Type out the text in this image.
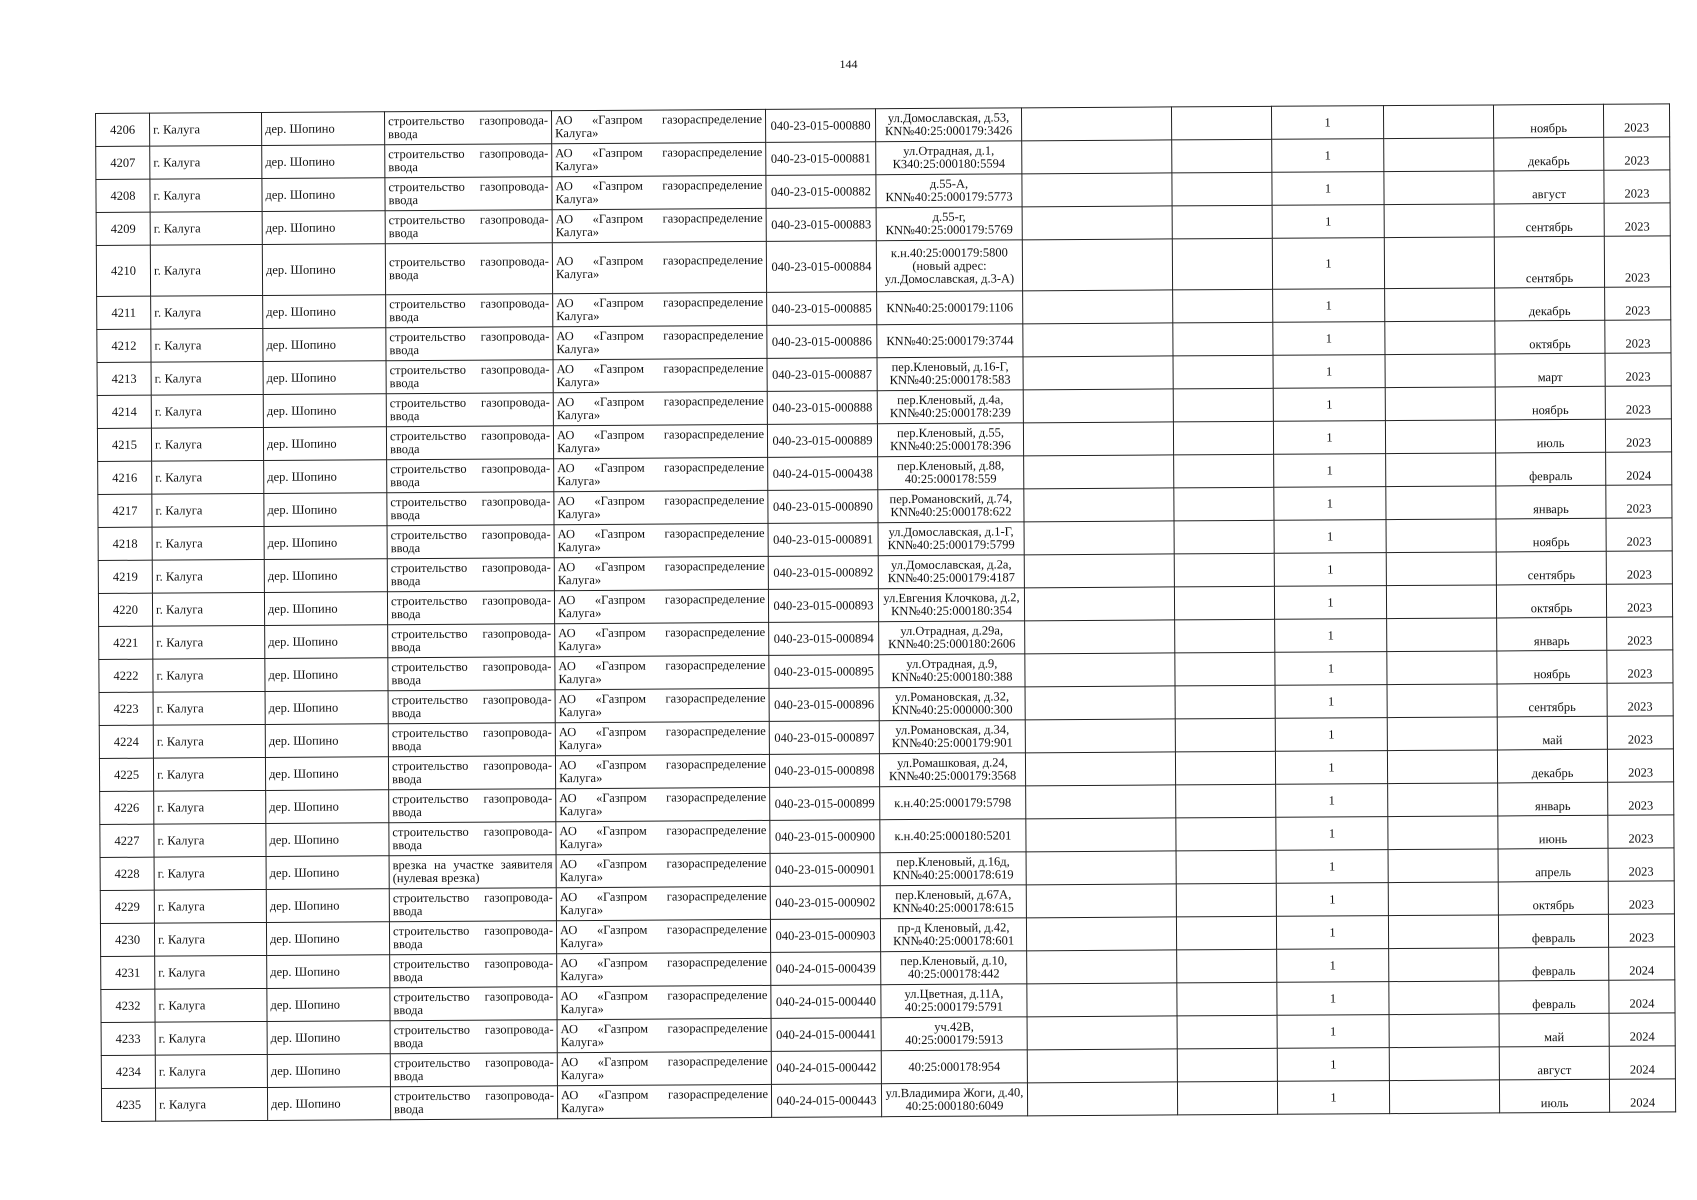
144
4206	г. Калуга	дер. Шопино	строительство газопровода-ввода	АО «Газпром газораспределение Калуга»	040-23-015-000880	ул.Домославская, д.53, КN№40:25:000179:3426			1		ноябрь	2023
4207	г. Калуга	дер. Шопино	строительство газопровода-ввода	АО «Газпром газораспределение Калуга»	040-23-015-000881	ул.Отрадная, д.1, К340:25:000180:5594			1		декабрь	2023
4208	г. Калуга	дер. Шопино	строительство газопровода-ввода	АО «Газпром газораспределение Калуга»	040-23-015-000882	д.55-А, КN№40:25:000179:5773			1		август	2023
4209	г. Калуга	дер. Шопино	строительство газопровода-ввода	АО «Газпром газораспределение Калуга»	040-23-015-000883	д.55-г, КN№40:25:000179:5769			1		сентябрь	2023
4210	г. Калуга	дер. Шопино	строительство газопровода-ввода	АО «Газпром газораспределение Калуга»	040-23-015-000884	к.н.40:25:000179:5800 (новый адрес: ул.Домославская, д.3-А)			1		сентябрь	2023
4211	г. Калуга	дер. Шопино	строительство газопровода-ввода	АО «Газпром газораспределение Калуга»	040-23-015-000885	КN№40:25:000179:1106			1		декабрь	2023
4212	г. Калуга	дер. Шопино	строительство газопровода-ввода	АО «Газпром газораспределение Калуга»	040-23-015-000886	КN№40:25:000179:3744			1		октябрь	2023
4213	г. Калуга	дер. Шопино	строительство газопровода-ввода	АО «Газпром газораспределение Калуга»	040-23-015-000887	пер.Кленовый, д.16-Г, КN№40:25:000178:583			1		март	2023
4214	г. Калуга	дер. Шопино	строительство газопровода-ввода	АО «Газпром газораспределение Калуга»	040-23-015-000888	пер.Кленовый, д.4а, КN№40:25:000178:239			1		ноябрь	2023
4215	г. Калуга	дер. Шопино	строительство газопровода-ввода	АО «Газпром газораспределение Калуга»	040-23-015-000889	пер.Кленовый, д.55, КN№40:25:000178:396			1		июль	2023
4216	г. Калуга	дер. Шопино	строительство газопровода-ввода	АО «Газпром газораспределение Калуга»	040-24-015-000438	пер.Кленовый, д.88, 40:25:000178:559			1		февраль	2024
4217	г. Калуга	дер. Шопино	строительство газопровода-ввода	АО «Газпром газораспределение Калуга»	040-23-015-000890	пер.Романовский, д.74, КN№40:25:000178:622			1		январь	2023
4218	г. Калуга	дер. Шопино	строительство газопровода-ввода	АО «Газпром газораспределение Калуга»	040-23-015-000891	ул.Домославская, д.1-Г, КN№40:25:000179:5799			1		ноябрь	2023
4219	г. Калуга	дер. Шопино	строительство газопровода-ввода	АО «Газпром газораспределение Калуга»	040-23-015-000892	ул.Домославская, д.2а, КN№40:25:000179:4187			1		сентябрь	2023
4220	г. Калуга	дер. Шопино	строительство газопровода-ввода	АО «Газпром газораспределение Калуга»	040-23-015-000893	ул.Евгения Клочкова, д.2, КN№40:25:000180:354			1		октябрь	2023
4221	г. Калуга	дер. Шопино	строительство газопровода-ввода	АО «Газпром газораспределение Калуга»	040-23-015-000894	ул.Отрадная, д.29а, КN№40:25:000180:2606			1		январь	2023
4222	г. Калуга	дер. Шопино	строительство газопровода-ввода	АО «Газпром газораспределение Калуга»	040-23-015-000895	ул.Отрадная, д.9, КN№40:25:000180:388			1		ноябрь	2023
4223	г. Калуга	дер. Шопино	строительство газопровода-ввода	АО «Газпром газораспределение Калуга»	040-23-015-000896	ул.Романовская, д.32, КN№40:25:000000:300			1		сентябрь	2023
4224	г. Калуга	дер. Шопино	строительство газопровода-ввода	АО «Газпром газораспределение Калуга»	040-23-015-000897	ул.Романовская, д.34, КN№40:25:000179:901			1		май	2023
4225	г. Калуга	дер. Шопино	строительство газопровода-ввода	АО «Газпром газораспределение Калуга»	040-23-015-000898	ул.Ромашковая, д.24, КN№40:25:000179:3568			1		декабрь	2023
4226	г. Калуга	дер. Шопино	строительство газопровода-ввода	АО «Газпром газораспределение Калуга»	040-23-015-000899	к.н.40:25:000179:5798			1		январь	2023
4227	г. Калуга	дер. Шопино	строительство газопровода-ввода	АО «Газпром газораспределение Калуга»	040-23-015-000900	к.н.40:25:000180:5201			1		июнь	2023
4228	г. Калуга	дер. Шопино	врезка на участке заявителя (нулевая врезка)	АО «Газпром газораспределение Калуга»	040-23-015-000901	пер.Кленовый, д.16д, КN№40:25:000178:619			1		апрель	2023
4229	г. Калуга	дер. Шопино	строительство газопровода-ввода	АО «Газпром газораспределение Калуга»	040-23-015-000902	пер.Кленовый, д.67А, КN№40:25:000178:615			1		октябрь	2023
4230	г. Калуга	дер. Шопино	строительство газопровода-ввода	АО «Газпром газораспределение Калуга»	040-23-015-000903	пр-д Кленовый, д.42, КN№40:25:000178:601			1		февраль	2023
4231	г. Калуга	дер. Шопино	строительство газопровода-ввода	АО «Газпром газораспределение Калуга»	040-24-015-000439	пер.Кленовый, д.10, 40:25:000178:442			1		февраль	2024
4232	г. Калуга	дер. Шопино	строительство газопровода-ввода	АО «Газпром газораспределение Калуга»	040-24-015-000440	ул.Цветная, д.11А, 40:25:000179:5791			1		февраль	2024
4233	г. Калуга	дер. Шопино	строительство газопровода-ввода	АО «Газпром газораспределение Калуга»	040-24-015-000441	уч.42В, 40:25:000179:5913			1		май	2024
4234	г. Калуга	дер. Шопино	строительство газопровода-ввода	АО «Газпром газораспределение Калуга»	040-24-015-000442	40:25:000178:954			1		август	2024
4235	г. Калуга	дер. Шопино	строительство газопровода-ввода	АО «Газпром газораспределение Калуга»	040-24-015-000443	ул.Владимира Жоги, д.40, 40:25:000180:6049			1		июль	2024
